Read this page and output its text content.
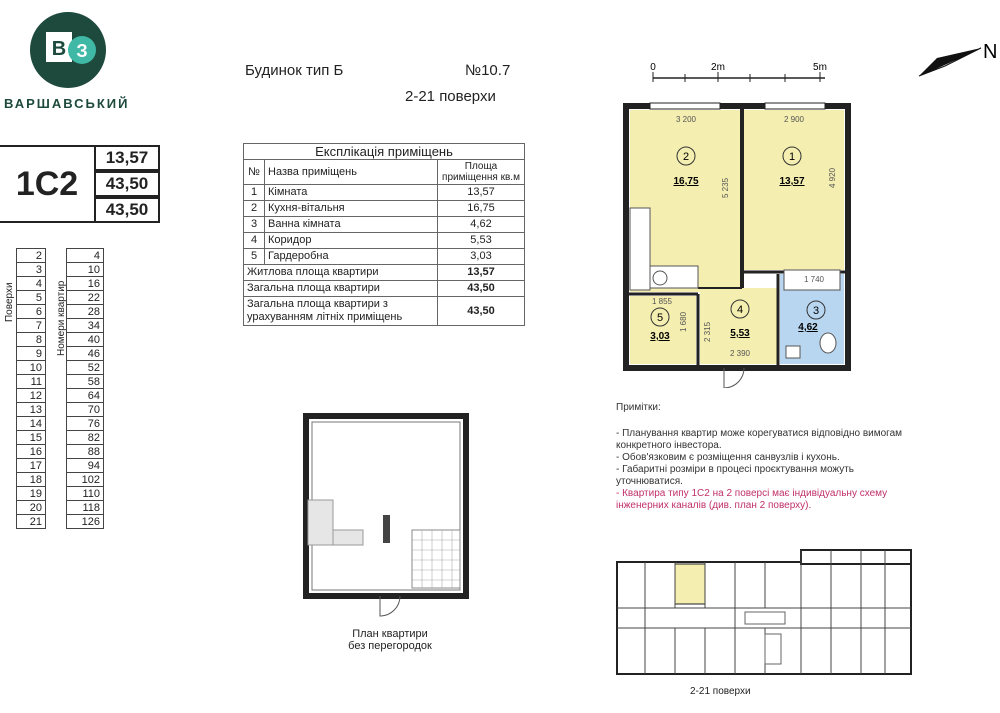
В З
ВАРШАВСЬКИЙ
1С2
13,57
43,50
43,50
Поверхи	Номери квартир
2		4
3		10
4		16
5		22
6		28
7		34
8		40
9		46
10		52
11		58
12		64
13		70
14		76
15		82
16		88
17		94
18		102
19		110
20		118
21		126
Будинок тип Б	№10.7
2-21 поверхи
Експлікація приміщень		
№	Назва приміщень	Площа приміщення кв.м
1	Кімната	13,57
2	Кухня-вітальня	16,75
3	Ванна кімната	4,62
4	Коридор	5,53
5	Гардеробна	3,03
Житлова площа квартири		13,57
Загальна площа квартири		43,50
Загальна площа квартири з урахуванням літніх приміщень		43,50
План квартири
без перегородок
0	2m	5m
N
3 200	2 900
5 235	4 920
1 740
1 855
1 680 2 315
2 390
1
13,57
2
16,75
3
4,62
4
5,53
5
3,03
Примітки:
- Планування квартир може корегуватися відповідно вимогам конкретного інвестора.
- Обов'язковим є розміщення санвузлів і кухонь.
- Габаритні розміри в процесі проєктування можуть уточнюватися.
- Квартира типу 1С2 на 2 поверсі має індивідуальну схему інженерних каналів (див. план 2 поверху).
2-21 поверхи
